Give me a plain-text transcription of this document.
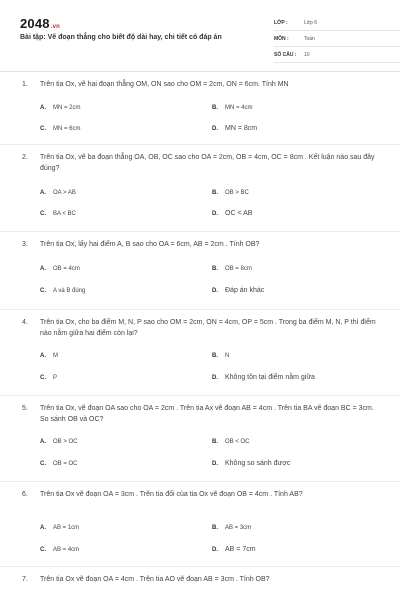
2048.vn
Bài tập: Vẽ đoạn thẳng cho biết độ dài hay, chi tiết có đáp án
LỚP :	Lớp 6
MÔN :	Toán
SỐ CÂU : 10
1. Trên tia Ox, vẽ hai đoạn thẳng OM, ON sao cho OM = 2cm, ON = 6cm. Tính MN
A. MN = 2cm	B. MN = 4cm
C. MN = 6cm	D. MN = 8cm
2. Trên tia Ox, vẽ ba đoạn thẳng OA, OB, OC sao cho OA = 2cm, OB = 4cm, OC = 8cm . Kết luận nào sau đây đúng?
A. OA > AB	B. OB > BC
C. BA < BC	D. OC < AB
3. Trên tia Ox, lấy hai điểm A, B sao cho OA = 6cm, AB = 2cm . Tính OB?
A. OB = 4cm	B. OB = 8cm
C. A và B đúng	D. Đáp án khác
4. Trên tia Ox, cho ba điểm M, N, P sao cho OM = 2cm, ON = 4cm, OP = 5cm . Trong ba điểm M, N, P thì điểm nào nằm giữa hai điểm còn lại?
A. M	B. N
C. P	D. Không tồn tại điểm nằm giữa
5. Trên tia Ox, vẽ đoạn OA sao cho OA = 2cm . Trên tia Ax vẽ đoạn AB = 4cm . Trên tia BA vẽ đoạn BC = 3cm. So sánh OB và OC?
A. OB > OC	B. OB < OC
C. OB = OC	D. Không so sánh được
6. Trên tia Ox vẽ đoạn OA = 3cm . Trên tia đối của tia Ox vẽ đoạn OB = 4cm . Tính AB?
A. AB = 1cm	B. AB = 3cm
C. AB = 4cm	D. AB = 7cm
7. Trên tia Ox vẽ đoạn OA = 4cm . Trên tia AO vẽ đoạn AB = 3cm . Tính OB?
